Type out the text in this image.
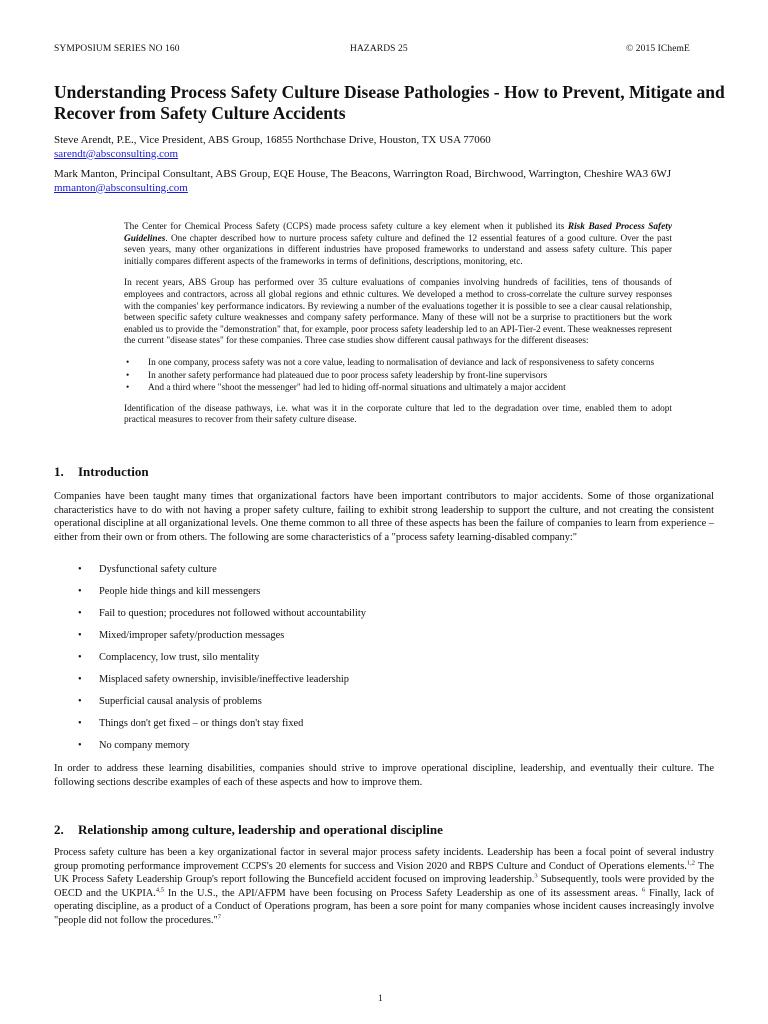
SYMPOSIUM SERIES NO 160	HAZARDS 25	© 2015 IChemE
Understanding Process Safety Culture Disease Pathologies - How to Prevent, Mitigate and Recover from Safety Culture Accidents
Steve Arendt, P.E., Vice President, ABS Group, 16855 Northchase Drive, Houston, TX USA 77060
sarendt@absconsulting.com
Mark Manton, Principal Consultant, ABS Group, EQE House, The Beacons, Warrington Road, Birchwood, Warrington, Cheshire WA3 6WJ
mmanton@absconsulting.com

The Center for Chemical Process Safety (CCPS) made process safety culture a key element when it published its Risk Based Process Safety Guidelines. One chapter described how to nurture process safety culture and defined the 12 essential features of a good culture. Over the past seven years, many other organizations in different industries have proposed frameworks to understand and assess safety culture. This paper initially compares different aspects of the frameworks in terms of definitions, descriptions, monitoring, etc.

In recent years, ABS Group has performed over 35 culture evaluations of companies involving hundreds of facilities, tens of thousands of employees and contractors, across all global regions and ethnic cultures. We developed a method to cross-correlate the culture survey responses with the companies' key performance indicators. By reviewing a number of the evaluations together it is possible to see a clear causal relationship, between specific safety culture weaknesses and company safety performance. Many of these will not be a surprise to practitioners but the work enabled us to provide the "demonstration" that, for example, poor process safety leadership led to an API-Tier-2 event. These weaknesses represent the current "disease states" for these companies. Three case studies show different causal pathways for the different diseases:

• In one company, process safety was not a core value, leading to normalisation of deviance and lack of responsiveness to safety concerns
• In another safety performance had plateaued due to poor process safety leadership by front-line supervisors
• And a third where "shoot the messenger" had led to hiding off-normal situations and ultimately a major accident

Identification of the disease pathways, i.e. what was it in the corporate culture that led to the degradation over time, enabled them to adopt practical measures to recover from their safety culture disease.

1. Introduction

Companies have been taught many times that organizational factors have been important contributors to major accidents. Some of those organizational characteristics have to do with not having a proper safety culture, failing to exhibit strong leadership to support the culture, and not creating the consistent operational discipline at all organizational levels. One theme common to all three of these aspects has been the failure of companies to learn from experience – either from their own or from others. The following are some characteristics of a "process safety learning-disabled company:"

• Dysfunctional safety culture
• People hide things and kill messengers
• Fail to question; procedures not followed without accountability
• Mixed/improper safety/production messages
• Complacency, low trust, silo mentality
• Misplaced safety ownership, invisible/ineffective leadership
• Superficial causal analysis of problems
• Things don't get fixed – or things don't stay fixed
• No company memory

In order to address these learning disabilities, companies should strive to improve operational discipline, leadership, and eventually their culture. The following sections describe examples of each of these aspects and how to improve them.

2. Relationship among culture, leadership and operational discipline

Process safety culture has been a key organizational factor in several major process safety incidents. Leadership has been a focal point of several industry group promoting performance improvement CCPS's 20 elements for success and Vision 2020 and RBPS Culture and Conduct of Operations elements.$^{1,2}$ The UK Process Safety Leadership Group's report following the Buncefield accident focused on improving leadership.$^3$ Subsequently, tools were provided by the OECD and the UKPIA.$^{4,5}$ In the U.S., the API/AFPM have been focusing on Process Safety Leadership as one of its assessment areas. $^6$ Finally, lack of operating discipline, as a product of a Conduct of Operations program, has been a sore point for many companies whose incident causes increasingly involve "people did not follow the procedures."$^7$

1
